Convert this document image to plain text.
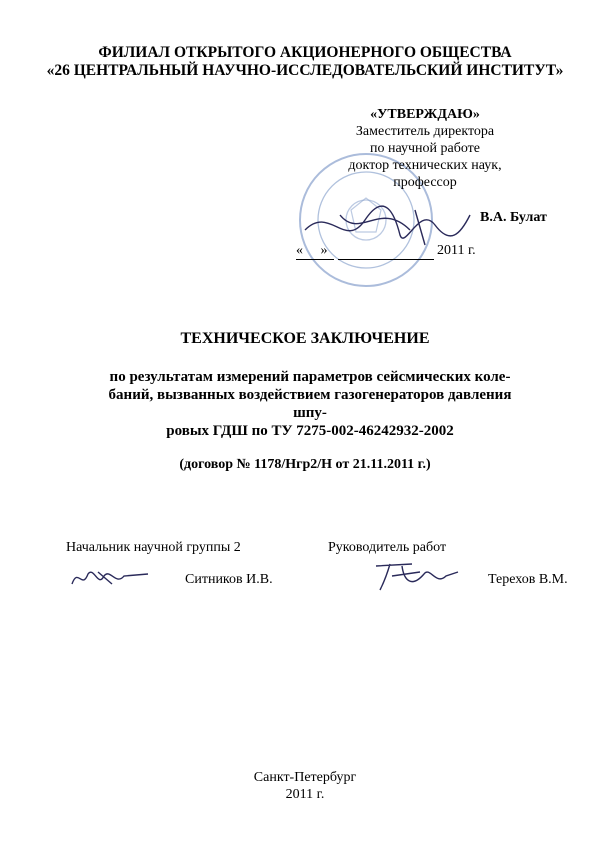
ФИЛИАЛ ОТКРЫТОГО АКЦИОНЕРНОГО ОБЩЕСТВА
«26 ЦЕНТРАЛЬНЫЙ НАУЧНО-ИССЛЕДОВАТЕЛЬСКИЙ ИНСТИТУТ»
«УТВЕРЖДАЮ»
Заместитель директора
по научной работе
доктор технических наук,
профессор
В.А. Булат
« »	2011 г.
ТЕХНИЧЕСКОЕ ЗАКЛЮЧЕНИЕ
по результатам измерений параметров сейсмических коле-
баний, вызванных воздействием газогенераторов давления шпу-
ровых ГДШ по ТУ 7275-002-46242932-2002
(договор № 1178/Нгр2/Н от 21.11.2011 г.)
Начальник научной группы 2	Руководитель работ
Ситников И.В.	Терехов В.М.
Санкт-Петербург
2011 г.
